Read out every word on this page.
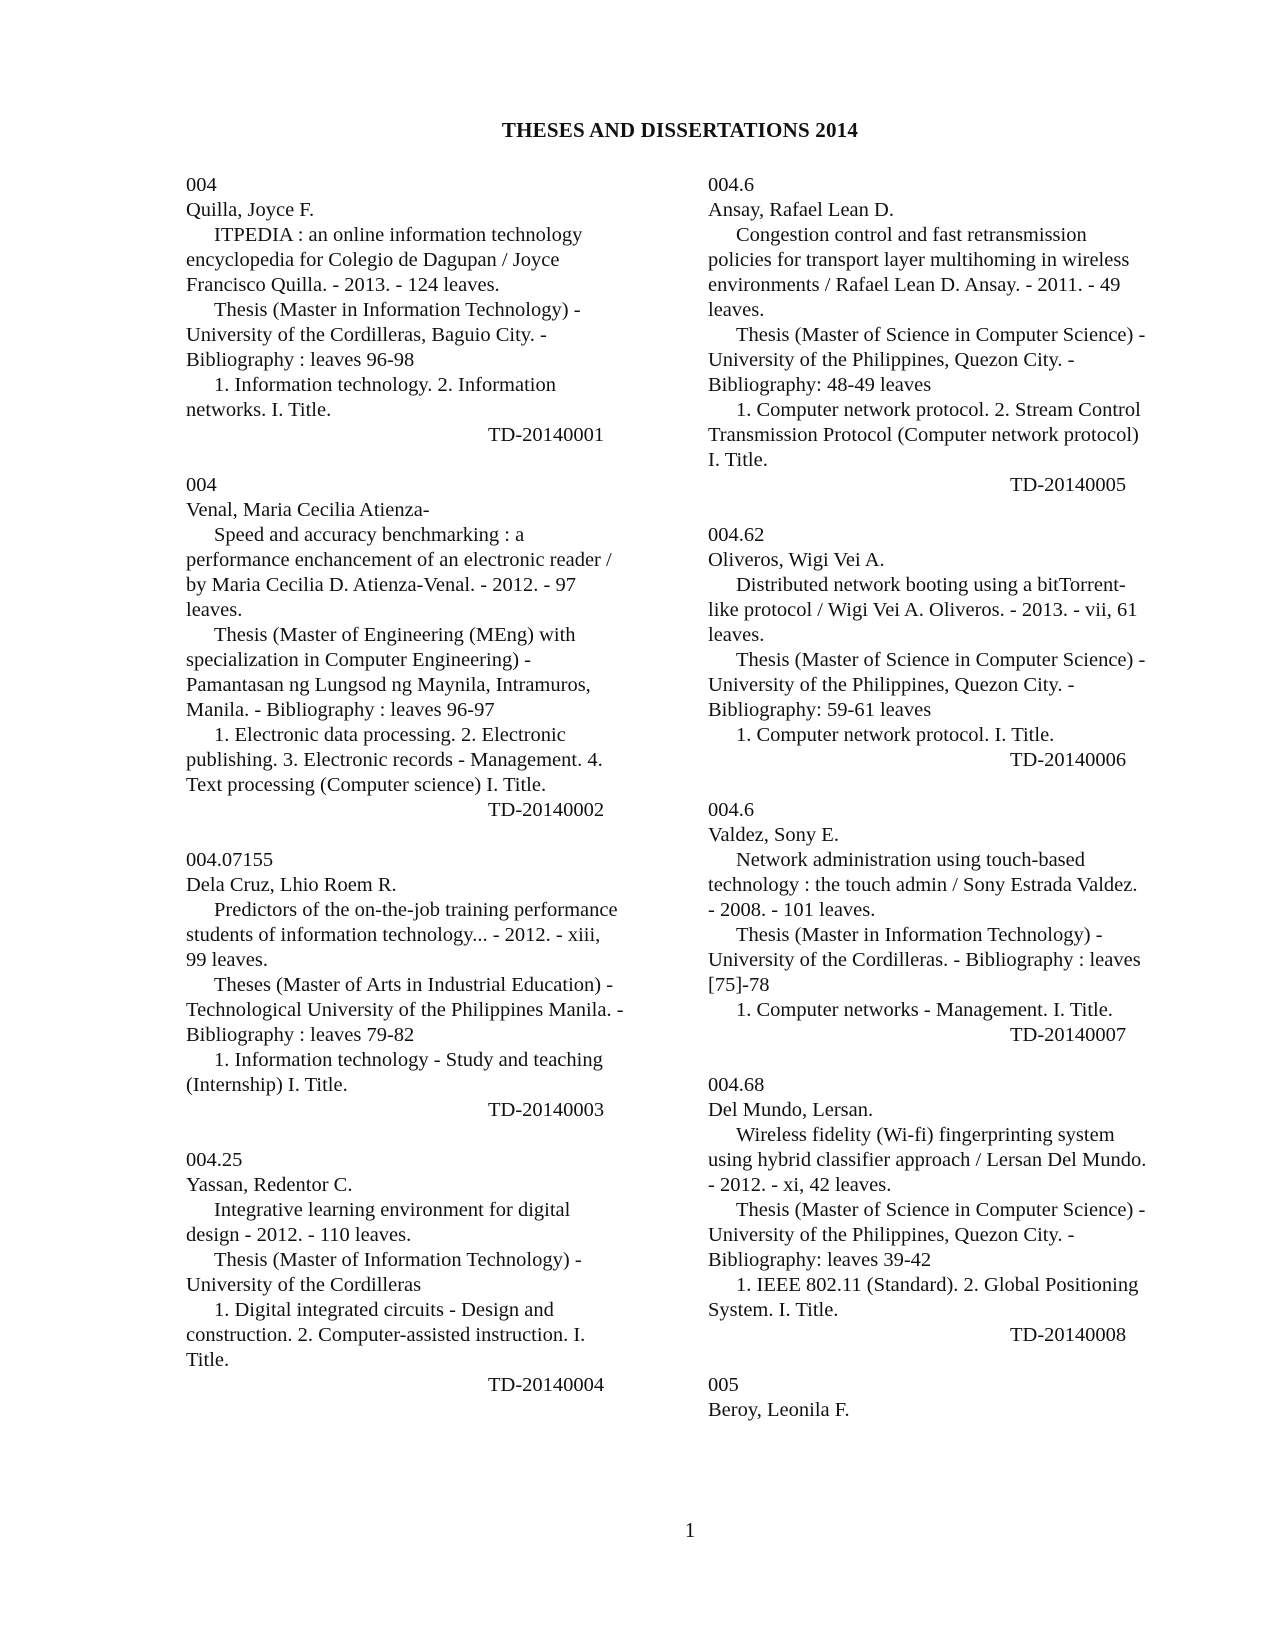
THESES AND DISSERTATIONS 2014

004

Quilla, Joyce F.

ITPEDIA : an online information technology

encyclopedia for Colegio de Dagupan / Joyce

Francisco Quilla. - 2013. - 124 leaves.

Thesis (Master in Information Technology) -

University of the Cordilleras, Baguio City. -

Bibliography : leaves 96-98

1. Information technology. 2. Information

networks. I. Title.

TD-20140001

004

Venal, Maria Cecilia Atienza-

Speed and accuracy benchmarking : a

performance enchancement of an electronic reader /

by Maria Cecilia D. Atienza-Venal. - 2012. - 97

leaves.

Thesis (Master of Engineering (MEng) with

specialization in Computer Engineering) -

Pamantasan ng Lungsod ng Maynila, Intramuros,

Manila. - Bibliography : leaves 96-97

1. Electronic data processing. 2. Electronic

publishing. 3. Electronic records - Management. 4.

Text processing (Computer science) I. Title.

TD-20140002

004.07155

Dela Cruz, Lhio Roem R.

Predictors of the on-the-job training performance

students of information technology... - 2012. - xiii,

99 leaves.

Theses (Master of Arts in Industrial Education) -

Technological University of the Philippines Manila. -

Bibliography : leaves 79-82

1. Information technology - Study and teaching

(Internship) I. Title.

TD-20140003

004.25

Yassan, Redentor C.

Integrative learning environment for digital

design - 2012. - 110 leaves.

Thesis (Master of Information Technology) -

University of the Cordilleras

1. Digital integrated circuits - Design and

construction. 2. Computer-assisted instruction. I.

Title.

TD-20140004

004.6

Ansay, Rafael Lean D.

Congestion control and fast retransmission

policies for transport layer multihoming in wireless

environments / Rafael Lean D. Ansay. - 2011. - 49

leaves.

Thesis (Master of Science in Computer Science) -

University of the Philippines, Quezon City. -

Bibliography: 48-49 leaves

1. Computer network protocol. 2. Stream Control

Transmission Protocol (Computer network protocol)

I. Title.

TD-20140005

004.62

Oliveros, Wigi Vei A.

Distributed network booting using a bitTorrent-

like protocol / Wigi Vei A. Oliveros. - 2013. - vii, 61

leaves.

Thesis (Master of Science in Computer Science) -

University of the Philippines, Quezon City. -

Bibliography: 59-61 leaves

1. Computer network protocol. I. Title.

TD-20140006

004.6

Valdez, Sony E.

Network administration using touch-based

technology : the touch admin / Sony Estrada Valdez.

- 2008. - 101 leaves.

Thesis (Master in Information Technology) -

University of the Cordilleras. - Bibliography : leaves

[75]-78

1. Computer networks - Management. I. Title.

TD-20140007

004.68

Del Mundo, Lersan.

Wireless fidelity (Wi-fi) fingerprinting system

using hybrid classifier approach / Lersan Del Mundo.

- 2012. - xi, 42 leaves.

Thesis (Master of Science in Computer Science) -

University of the Philippines, Quezon City. -

Bibliography: leaves 39-42

1. IEEE 802.11 (Standard). 2. Global Positioning

System. I. Title.

TD-20140008

005

Beroy, Leonila F.

1
